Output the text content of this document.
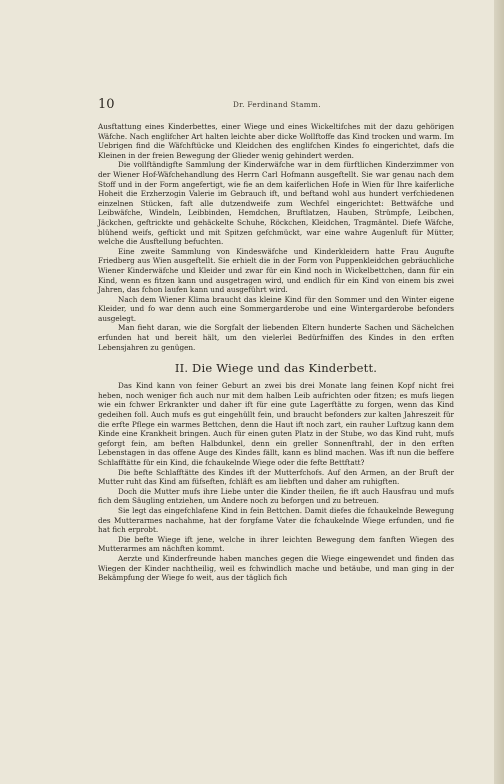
10	Dr. Ferdinand Stamm.

Ausftattung eines Kinderbettes, einer Wiege und eines Wickeltifches mit der dazu gehörigen Wäfche. Nach englifcher Art halten leichte aber dicke Wollftoffe das Kind trocken und warm. Im Uebrigen find die Wäfchftücke und Kleidchen des englifchen Kindes fo eingerichtet, dafs die Kleinen in der freien Bewegung der Glieder wenig gehindert werden.

Die vollftändigfte Sammlung der Kinderwäfche war in dem fürftlichen Kinderzimmer von der Wiener Hof-Wäfchehandlung des Herrn Carl Hofmann ausgeftellt. Sie war genau nach dem Stoff und in der Form angefertigt, wie fie an dem kaiferlichen Hofe in Wien für Ihre kaiferliche Hoheit die Erzherzogin Valerie im Gebrauch ift, und beftand wohl aus hundert verfchiedenen einzelnen Stücken, faft alle dutzendweife zum Wechfel eingerichtet: Bettwäfche und Leibwäfche, Windeln, Leibbinden, Hemdchen, Bruftlatzen, Hauben, Strümpfe, Leibchen, Jäckchen, geftrickte und gehäckelte Schuhe, Röckchen, Kleidchen, Tragmäntel. Diefe Wäfche, blühend weifs, geftickt und mit Spitzen gefchmückt, war eine wahre Augenluft für Mütter, welche die Ausftellung befuchten.

Eine zweite Sammlung von Kindeswäfche und Kinderkleidern hatte Frau Augufte Friedberg aus Wien ausgeftellt. Sie erhielt die in der Form von Puppenkleidchen gebräuchliche Wiener Kinderwäfche und Kleider und zwar für ein Kind noch in Wickelbettchen, dann für ein Kind, wenn es fitzen kann und ausgetragen wird, und endlich für ein Kind von einem bis zwei Jahren, das fchon laufen kann und ausgeführt wird.

Nach dem Wiener Klima braucht das kleine Kind für den Sommer und den Winter eigene Kleider, und fo war denn auch eine Sommergarderobe und eine Wintergarderobe befonders ausgelegt.

Man fieht daran, wie die Sorgfalt der liebenden Eltern hunderte Sachen und Sächelchen erfunden hat und bereit hält, um den vielerlei Bedürfniffen des Kindes in den erften Lebensjahren zu genügen.

II. Die Wiege und das Kinderbett.

Das Kind kann von feiner Geburt an zwei bis drei Monate lang feinen Kopf nicht frei heben, noch weniger fich auch nur mit dem halben Leib aufrichten oder fitzen; es mufs liegen wie ein fchwer Erkrankter und daher ift für eine gute Lagerftätte zu forgen, wenn das Kind gedeihen foll. Auch mufs es gut eingehüllt fein, und braucht befonders zur kalten Jahreszeit für die erfte Pflege ein warmes Bettchen, denn die Haut ift noch zart, ein rauher Luftzug kann dem Kinde eine Krankheit bringen. Auch für einen guten Platz in der Stube, wo das Kind ruht, mufs geforgt fein, am beften Halbdunkel, denn ein greller Sonnenftrahl, der in den erften Lebenstagen in das offene Auge des Kindes fällt, kann es blind machen. Was ift nun die beffere Schlafftätte für ein Kind, die fchaukelnde Wiege oder die fefte Bettftatt?

Die befte Schlafftätte des Kindes ift der Mutterfchofs. Auf den Armen, an der Bruft der Mutter ruht das Kind am füfseften, fchläft es am liebften und daher am ruhigften.

Doch die Mutter mufs ihre Liebe unter die Kinder theilen, fie ift auch Hausfrau und mufs fich dem Säugling entziehen, um Andere noch zu beforgen und zu betreuen.

Sie legt das eingefchlafene Kind in fein Bettchen. Damit diefes die fchaukelnde Bewegung des Mutterarmes nachahme, hat der forgfame Vater die fchaukelnde Wiege erfunden, und fie hat fich erprobt.

Die befte Wiege ift jene, welche in ihrer leichten Bewegung dem fanften Wiegen des Mutterarmes am nächften kommt.

Aerzte und Kinderfreunde haben manches gegen die Wiege eingewendet und finden das Wiegen der Kinder nachtheilig, weil es fchwindlich mache und betäube, und man ging in der Bekämpfung der Wiege fo weit, aus der täglich fich
